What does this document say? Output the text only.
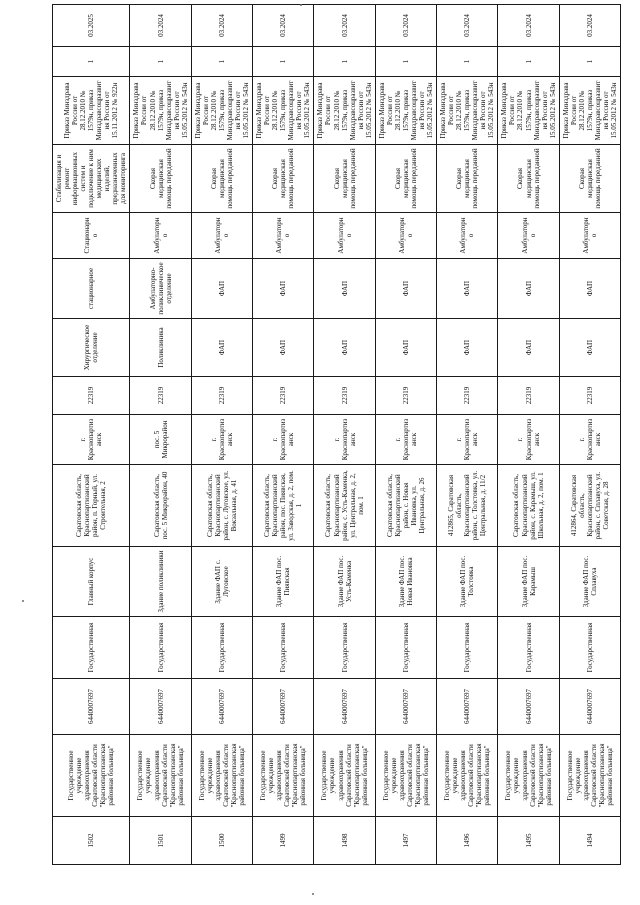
1502	Государственное учреждение здравоохранения Саратовской области "Краснопартизанская районная больница"	6440007697	Государственная	Главный корпус	Саратовская область, Краснопартизанский район, п. Горный, ул. Строительная, 2	г. Краснопартизанск	22319	Хирургическое отделение	стационарное	Стационарно	Стабилизация и ремонт информационных систем и подключение к ним медицинских изделий, предназначенных для мониторинга	Приказ Минздрава России от 28.12.2010 № 1579н, приказ Минздравсоцразвития России от 15.11.2012 № 922н	1	03.2025
1501	Государственное учреждение здравоохранения Саратовской области "Краснопартизанская районная больница"	6440007697	Государственная	Здание поликлиники	Саратовская область, пос. 5 Микрорайон, 40	пос. 5 Микрорайон	22319	Поликлиника	Амбулаторно-поликлиническое отделение	Амбулаторно	Скорая медицинская помощь переданной	Приказ Минздрава России от 28.12.2010 № 1579н, приказ Минздравсоцразвития России от 15.05.2012 № 543н	1	03.2024
1500	Государственное учреждение здравоохранения Саратовской области "Краснопартизанская районная больница"	6440007697	Государственная	Здание ФАП с. Луговское	Саратовская область, Краснопартизанский район, с. Луговское, ул. Вокзальная, д. 41	г. Краснопартизанск	22319	ФАП	ФАП	Амбулаторно	Скорая медицинская помощь переданной	Приказ Минздрава России от 28.12.2010 № 1579н, приказ Минздравсоцразвития России от 15.05.2012 № 543н	1	03.2024
1499	Государственное учреждение здравоохранения Саратовской области "Краснопартизанская районная больница"	6440007697	Государственная	Здание ФАП пос. Пиявская	Саратовская область, Краснопартизанский район, пос. Пиявская, ул. Заводская, д. 2, пом. 1	г. Краснопартизанск	22319	ФАП	ФАП	Амбулаторно	Скорая медицинская помощь переданной	Приказ Минздрава России от 28.12.2010 № 1579н, приказ Минздравсоцразвития России от 15.05.2012 № 543н	1	03.2024
1498	Государственное учреждение здравоохранения Саратовской области "Краснопартизанская районная больница"	6440007697	Государственная	Здание ФАП пос. Усть-Каменка	Саратовская область, Краснопартизанский район, с. Усть-Каменка, ул. Центральная, д. 2, пом. 1	г. Краснопартизанск	22319	ФАП	ФАП	Амбулаторно	Скорая медицинская помощь переданной	Приказ Минздрава России от 28.12.2010 № 1579н, приказ Минздравсоцразвития России от 15.05.2012 № 543н	1	03.2024
1497	Государственное учреждение здравоохранения Саратовской области "Краснопартизанская районная больница"	6440007697	Государственная	Здание ФАП пос. Новая Ивановка	Саратовская область, Краснопартизанский район, с. Новая Ивановка, ул. Центральная, д. 26	г. Краснопартизанск	22319	ФАП	ФАП	Амбулаторно	Скорая медицинская помощь переданной	Приказ Минздрава России от 28.12.2010 № 1579н, приказ Минздравсоцразвития России от 15.05.2012 № 543н	1	03.2024
1496	Государственное учреждение здравоохранения Саратовской области "Краснопартизанская районная больница"	6440007697	Государственная	Здание ФАП пос. Толстовка	412865, Саратовская область, Краснопартизанский район, с. Толстовка, ул. Центральная, д. 11/2	г. Краснопартизанск	22319	ФАП	ФАП	Амбулаторно	Скорая медицинская помощь переданной	Приказ Минздрава России от 28.12.2010 № 1579н, приказ Минздравсоцразвития России от 15.05.2012 № 543н	1	03.2024
1495	Государственное учреждение здравоохранения Саратовской области "Краснопартизанская районная больница"	6440007697	Государственная	Здание ФАП пос. Карамыш	Саратовская область, Краснопартизанский район, с. Карамыш, ул. Школьная, д. 2, пом. 1	г. Краснопартизанск	22319	ФАП	ФАП	Амбулаторно	Скорая медицинская помощь переданной	Приказ Минздрава России от 28.12.2010 № 1579н, приказ Минздравсоцразвития России от 15.05.2012 № 543н	1	03.2024
1494	Государственное учреждение здравоохранения Саратовской области "Краснопартизанская районная больница"	6440007697	Государственная	Здание ФАП пос. Сплавуха	412864, Саратовская область, Краснопартизанский район, с. Сплавуха, ул. Советская, д. 28	г. Краснопартизанск	22319	ФАП	ФАП	Амбулаторно	Скорая медицинская помощь переданной	Приказ Минздрава России от 28.12.2010 № 1579н, приказ Минздравсоцразвития России от 15.05.2012 № 543н	1	03.2024
